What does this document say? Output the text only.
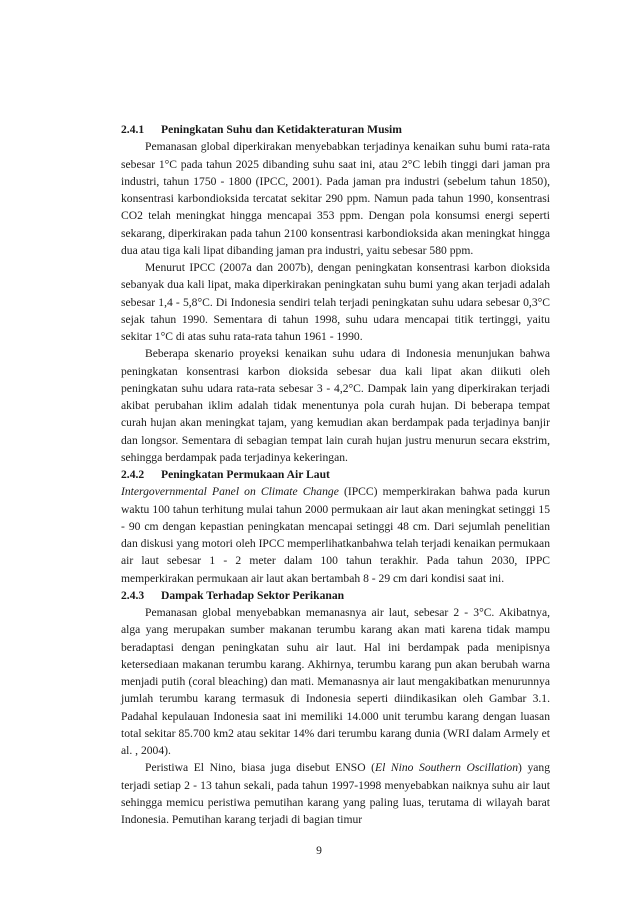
2.4.1 Peningkatan Suhu dan Ketidakteraturan Musim

Pemanasan global diperkirakan menyebabkan terjadinya kenaikan suhu bumi rata-rata sebesar 1°C pada tahun 2025 dibanding suhu saat ini, atau 2°C lebih tinggi dari jaman pra industri, tahun 1750 - 1800 (IPCC, 2001). Pada jaman pra industri (sebelum tahun 1850), konsentrasi karbondioksida tercatat sekitar 290 ppm. Namun pada tahun 1990, konsentrasi CO2 telah meningkat hingga mencapai 353 ppm. Dengan pola konsumsi energi seperti sekarang, diperkirakan pada tahun 2100 konsentrasi karbondioksida akan meningkat hingga dua atau tiga kali lipat dibanding jaman pra industri, yaitu sebesar 580 ppm.

Menurut IPCC (2007a dan 2007b), dengan peningkatan konsentrasi karbon dioksida sebanyak dua kali lipat, maka diperkirakan peningkatan suhu bumi yang akan terjadi adalah sebesar 1,4 - 5,8°C. Di Indonesia sendiri telah terjadi peningkatan suhu udara sebesar 0,3°C sejak tahun 1990. Sementara di tahun 1998, suhu udara mencapai titik tertinggi, yaitu sekitar 1°C di atas suhu rata-rata tahun 1961 - 1990.

Beberapa skenario proyeksi kenaikan suhu udara di Indonesia menunjukan bahwa peningkatan konsentrasi karbon dioksida sebesar dua kali lipat akan diikuti oleh peningkatan suhu udara rata-rata sebesar 3 - 4,2°C. Dampak lain yang diperkirakan terjadi akibat perubahan iklim adalah tidak menentunya pola curah hujan. Di beberapa tempat curah hujan akan meningkat tajam, yang kemudian akan berdampak pada terjadinya banjir dan longsor. Sementara di sebagian tempat lain curah hujan justru menurun secara ekstrim, sehingga berdampak pada terjadinya kekeringan.

2.4.2 Peningkatan Permukaan Air Laut

Intergovernmental Panel on Climate Change (IPCC) memperkirakan bahwa pada kurun waktu 100 tahun terhitung mulai tahun 2000 permukaan air laut akan meningkat setinggi 15 - 90 cm dengan kepastian peningkatan mencapai setinggi 48 cm. Dari sejumlah penelitian dan diskusi yang motori oleh IPCC memperlihatkanbahwa telah terjadi kenaikan permukaan air laut sebesar 1 - 2 meter dalam 100 tahun terakhir. Pada tahun 2030, IPPC memperkirakan permukaan air laut akan bertambah 8 - 29 cm dari kondisi saat ini.

2.4.3 Dampak Terhadap Sektor Perikanan

Pemanasan global menyebabkan memanasnya air laut, sebesar 2 - 3°C. Akibatnya, alga yang merupakan sumber makanan terumbu karang akan mati karena tidak mampu beradaptasi dengan peningkatan suhu air laut. Hal ini berdampak pada menipisnya ketersediaan makanan terumbu karang. Akhirnya, terumbu karang pun akan berubah warna menjadi putih (coral bleaching) dan mati. Memanasnya air laut mengakibatkan menurunnya jumlah terumbu karang termasuk di Indonesia seperti diindikasikan oleh Gambar 3.1. Padahal kepulauan Indonesia saat ini memiliki 14.000 unit terumbu karang dengan luasan total sekitar 85.700 km2 atau sekitar 14% dari terumbu karang dunia (WRI dalam Armely et al. , 2004).

Peristiwa El Nino, biasa juga disebut ENSO (El Nino Southern Oscillation) yang terjadi setiap 2 - 13 tahun sekali, pada tahun 1997-1998 menyebabkan naiknya suhu air laut sehingga memicu peristiwa pemutihan karang yang paling luas, terutama di wilayah barat Indonesia. Pemutihan karang terjadi di bagian timur

9
